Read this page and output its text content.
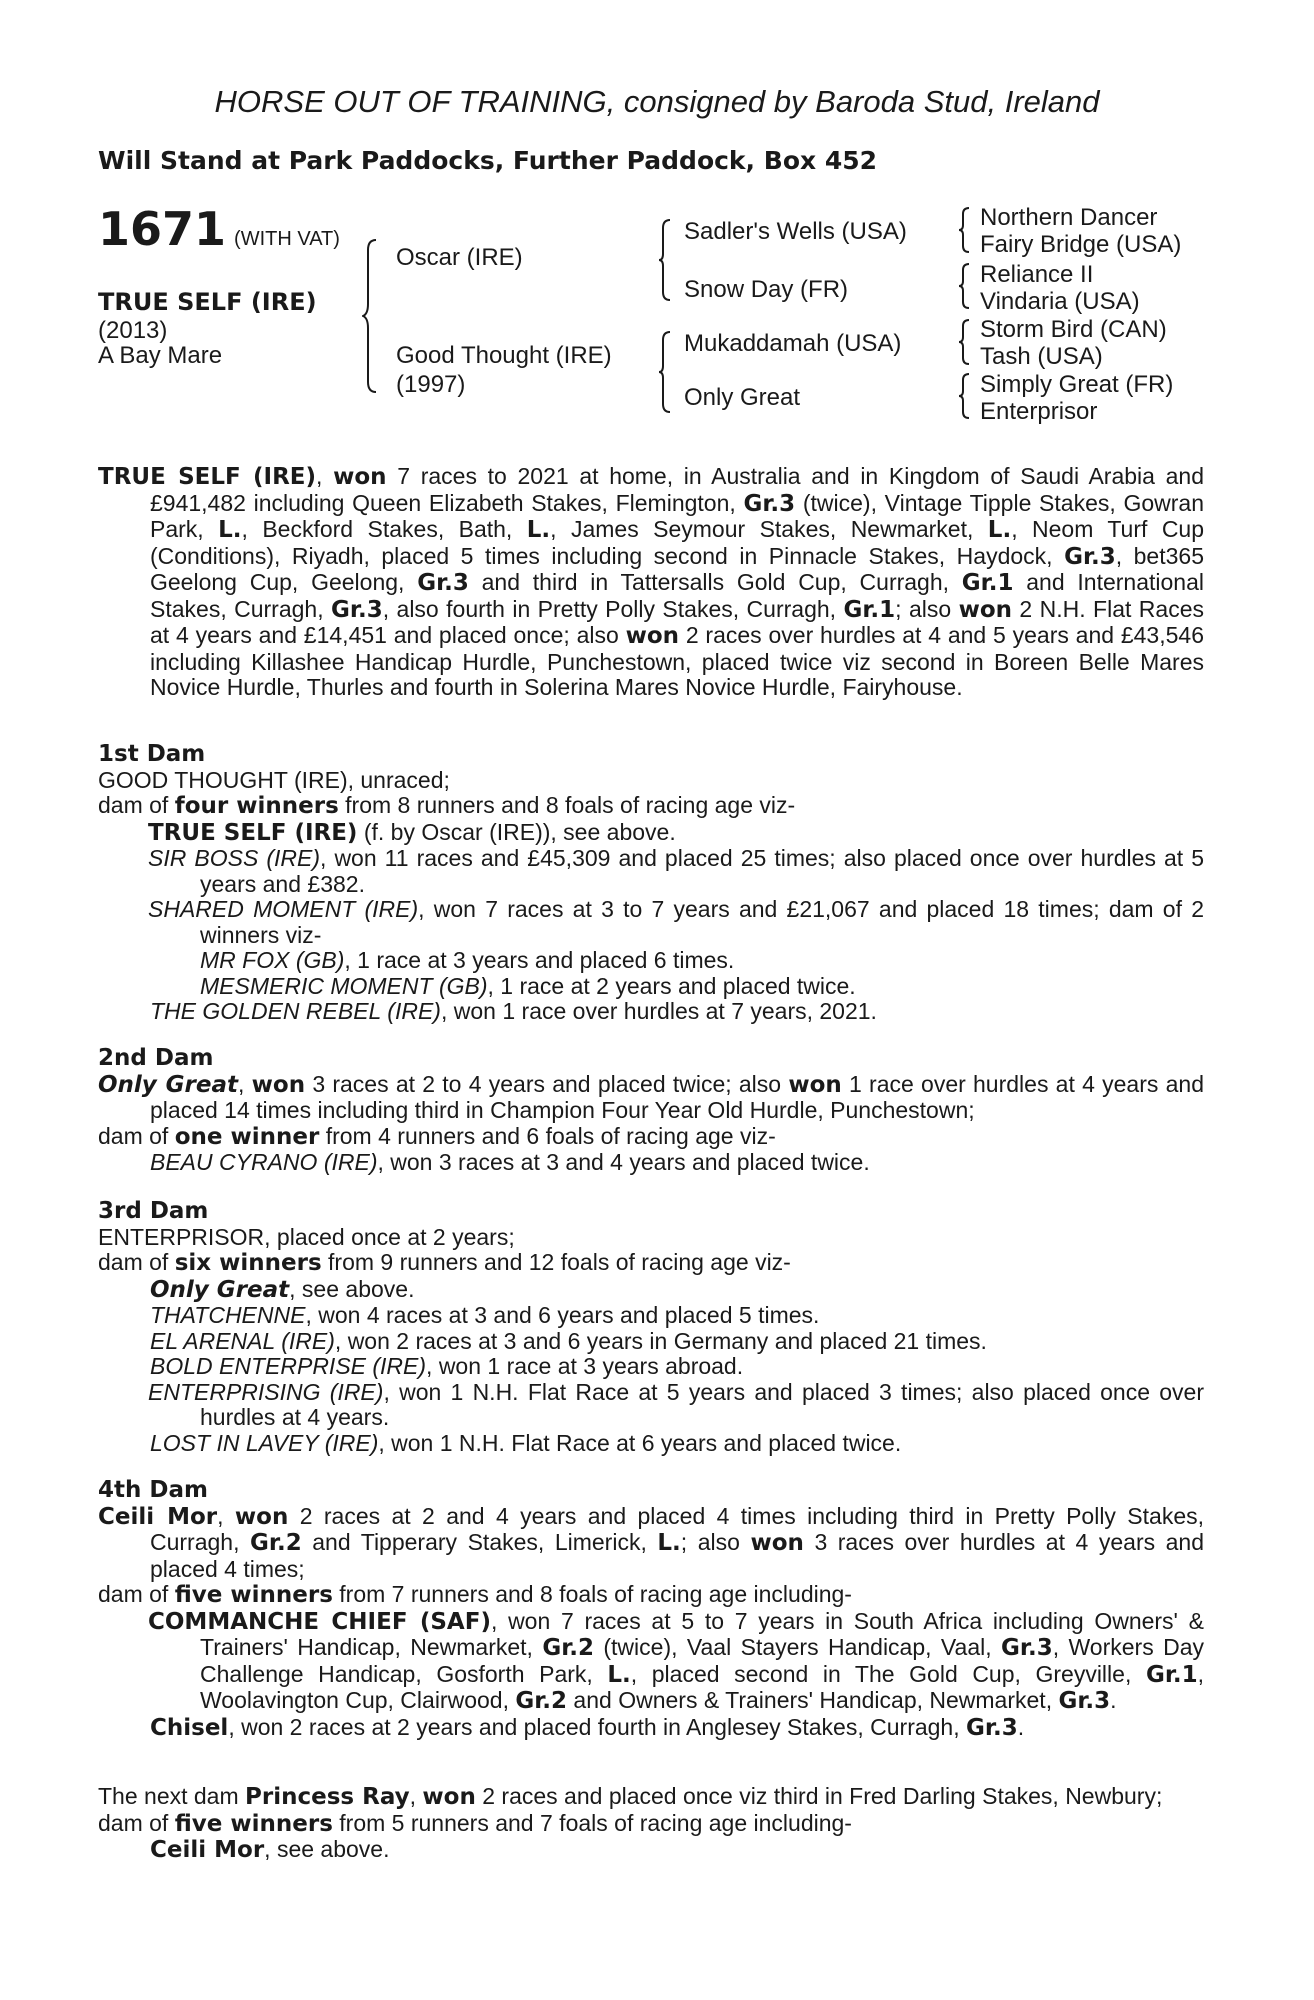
HORSE OUT OF TRAINING, consigned by Baroda Stud, Ireland
Will Stand at Park Paddocks, Further Paddock, Box 452
1671 (WITH VAT)
TRUE SELF (IRE)
(2013)
A Bay Mare
Oscar (IRE)
Good Thought (IRE)
(1997)
Sadler's Wells (USA)
Snow Day (FR)
Mukaddamah (USA)
Only Great
Northern Dancer
Fairy Bridge (USA)
Reliance II
Vindaria (USA)
Storm Bird (CAN)
Tash (USA)
Simply Great (FR)
Enterprisor

TRUE SELF (IRE), won 7 races to 2021 at home, in Australia and in Kingdom of Saudi Arabia and £941,482 including Queen Elizabeth Stakes, Flemington, Gr.3 (twice), Vintage Tipple Stakes, Gowran Park, L., Beckford Stakes, Bath, L., James Seymour Stakes, Newmarket, L., Neom Turf Cup (Conditions), Riyadh, placed 5 times including second in Pinnacle Stakes, Haydock, Gr.3, bet365 Geelong Cup, Geelong, Gr.3 and third in Tattersalls Gold Cup, Curragh, Gr.1 and International Stakes, Curragh, Gr.3, also fourth in Pretty Polly Stakes, Curragh, Gr.1; also won 2 N.H. Flat Races at 4 years and £14,451 and placed once; also won 2 races over hurdles at 4 and 5 years and £43,546 including Killashee Handicap Hurdle, Punchestown, placed twice viz second in Boreen Belle Mares Novice Hurdle, Thurles and fourth in Solerina Mares Novice Hurdle, Fairyhouse.

1st Dam

GOOD THOUGHT (IRE), unraced;

dam of four winners from 8 runners and 8 foals of racing age viz-

TRUE SELF (IRE) (f. by Oscar (IRE)), see above.

SIR BOSS (IRE), won 11 races and £45,309 and placed 25 times; also placed once over hurdles at 5 years and £382.

SHARED MOMENT (IRE), won 7 races at 3 to 7 years and £21,067 and placed 18 times; dam of 2 winners viz-

MR FOX (GB), 1 race at 3 years and placed 6 times.

MESMERIC MOMENT (GB), 1 race at 2 years and placed twice.

THE GOLDEN REBEL (IRE), won 1 race over hurdles at 7 years, 2021.

2nd Dam

Only Great, won 3 races at 2 to 4 years and placed twice; also won 1 race over hurdles at 4 years and placed 14 times including third in Champion Four Year Old Hurdle, Punchestown;

dam of one winner from 4 runners and 6 foals of racing age viz-

BEAU CYRANO (IRE), won 3 races at 3 and 4 years and placed twice.

3rd Dam

ENTERPRISOR, placed once at 2 years;

dam of six winners from 9 runners and 12 foals of racing age viz-

Only Great, see above.

THATCHENNE, won 4 races at 3 and 6 years and placed 5 times.

EL ARENAL (IRE), won 2 races at 3 and 6 years in Germany and placed 21 times.

BOLD ENTERPRISE (IRE), won 1 race at 3 years abroad.

ENTERPRISING (IRE), won 1 N.H. Flat Race at 5 years and placed 3 times; also placed once over hurdles at 4 years.

LOST IN LAVEY (IRE), won 1 N.H. Flat Race at 6 years and placed twice.

4th Dam

Ceili Mor, won 2 races at 2 and 4 years and placed 4 times including third in Pretty Polly Stakes, Curragh, Gr.2 and Tipperary Stakes, Limerick, L.; also won 3 races over hurdles at 4 years and placed 4 times;

dam of five winners from 7 runners and 8 foals of racing age including-

COMMANCHE CHIEF (SAF), won 7 races at 5 to 7 years in South Africa including Owners' & Trainers' Handicap, Newmarket, Gr.2 (twice), Vaal Stayers Handicap, Vaal, Gr.3, Workers Day Challenge Handicap, Gosforth Park, L., placed second in The Gold Cup, Greyville, Gr.1, Woolavington Cup, Clairwood, Gr.2 and Owners & Trainers' Handicap, Newmarket, Gr.3.

Chisel, won 2 races at 2 years and placed fourth in Anglesey Stakes, Curragh, Gr.3.

The next dam Princess Ray, won 2 races and placed once viz third in Fred Darling Stakes, Newbury;

dam of five winners from 5 runners and 7 foals of racing age including-

Ceili Mor, see above.
